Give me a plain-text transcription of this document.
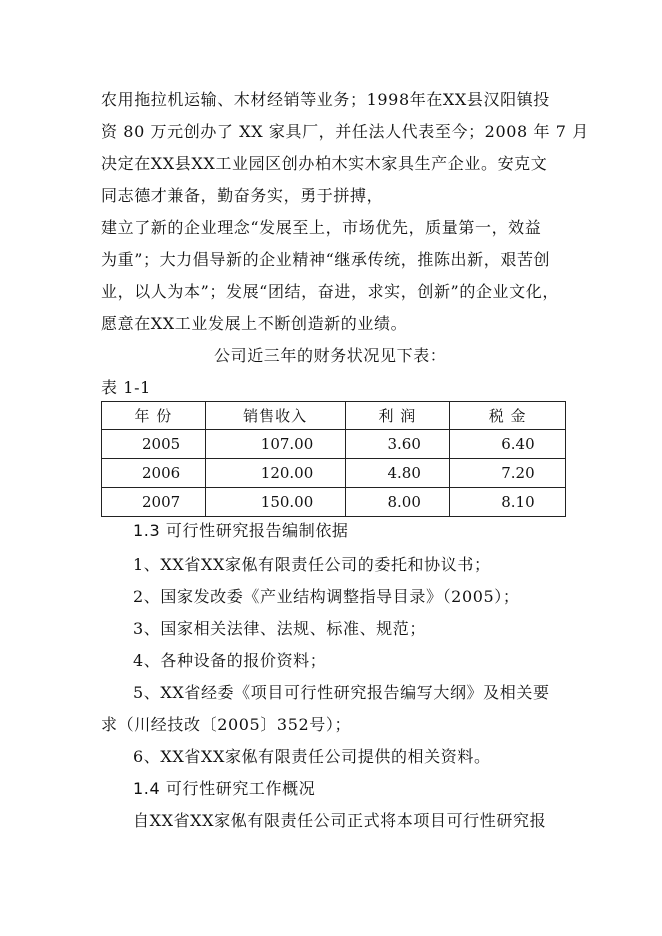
农用拖拉机运输、木材经销等业务；1998年在XX县汉阳镇投
资 80 万元创办了 XX 家具厂，并任法人代表至今；2008 年 7 月
决定在XX县XX工业园区创办柏木实木家具生产企业。安克文
同志德才兼备，勤奋务实，勇于拼搏，
建立了新的企业理念“发展至上，市场优先，质量第一，效益
为重”；大力倡导新的企业精神“继承传统，推陈出新，艰苦创
业，以人为本”；发展“团结，奋进，求实，创新”的企业文化，
愿意在XX工业发展上不断创造新的业绩。
公司近三年的财务状况见下表：
表 1-1
年 份	销售收入	利 润	税 金
2005	107.00	3.60	6.40
2006	120.00	4.80	7.20
2007	150.00	8.00	8.10
1.3 可行性研究报告编制依据
1、XX省XX家俬有限责任公司的委托和协议书；
2、国家发改委《产业结构调整指导目录》（2005）；
3、国家相关法律、法规、标准、规范；
4、各种设备的报价资料；
5、XX省经委《项目可行性研究报告编写大纲》及相关要
求（川经技改〔2005〕352号）；
6、XX省XX家俬有限责任公司提供的相关资料。
1.4 可行性研究工作概况
自XX省XX家俬有限责任公司正式将本项目可行性研究报
